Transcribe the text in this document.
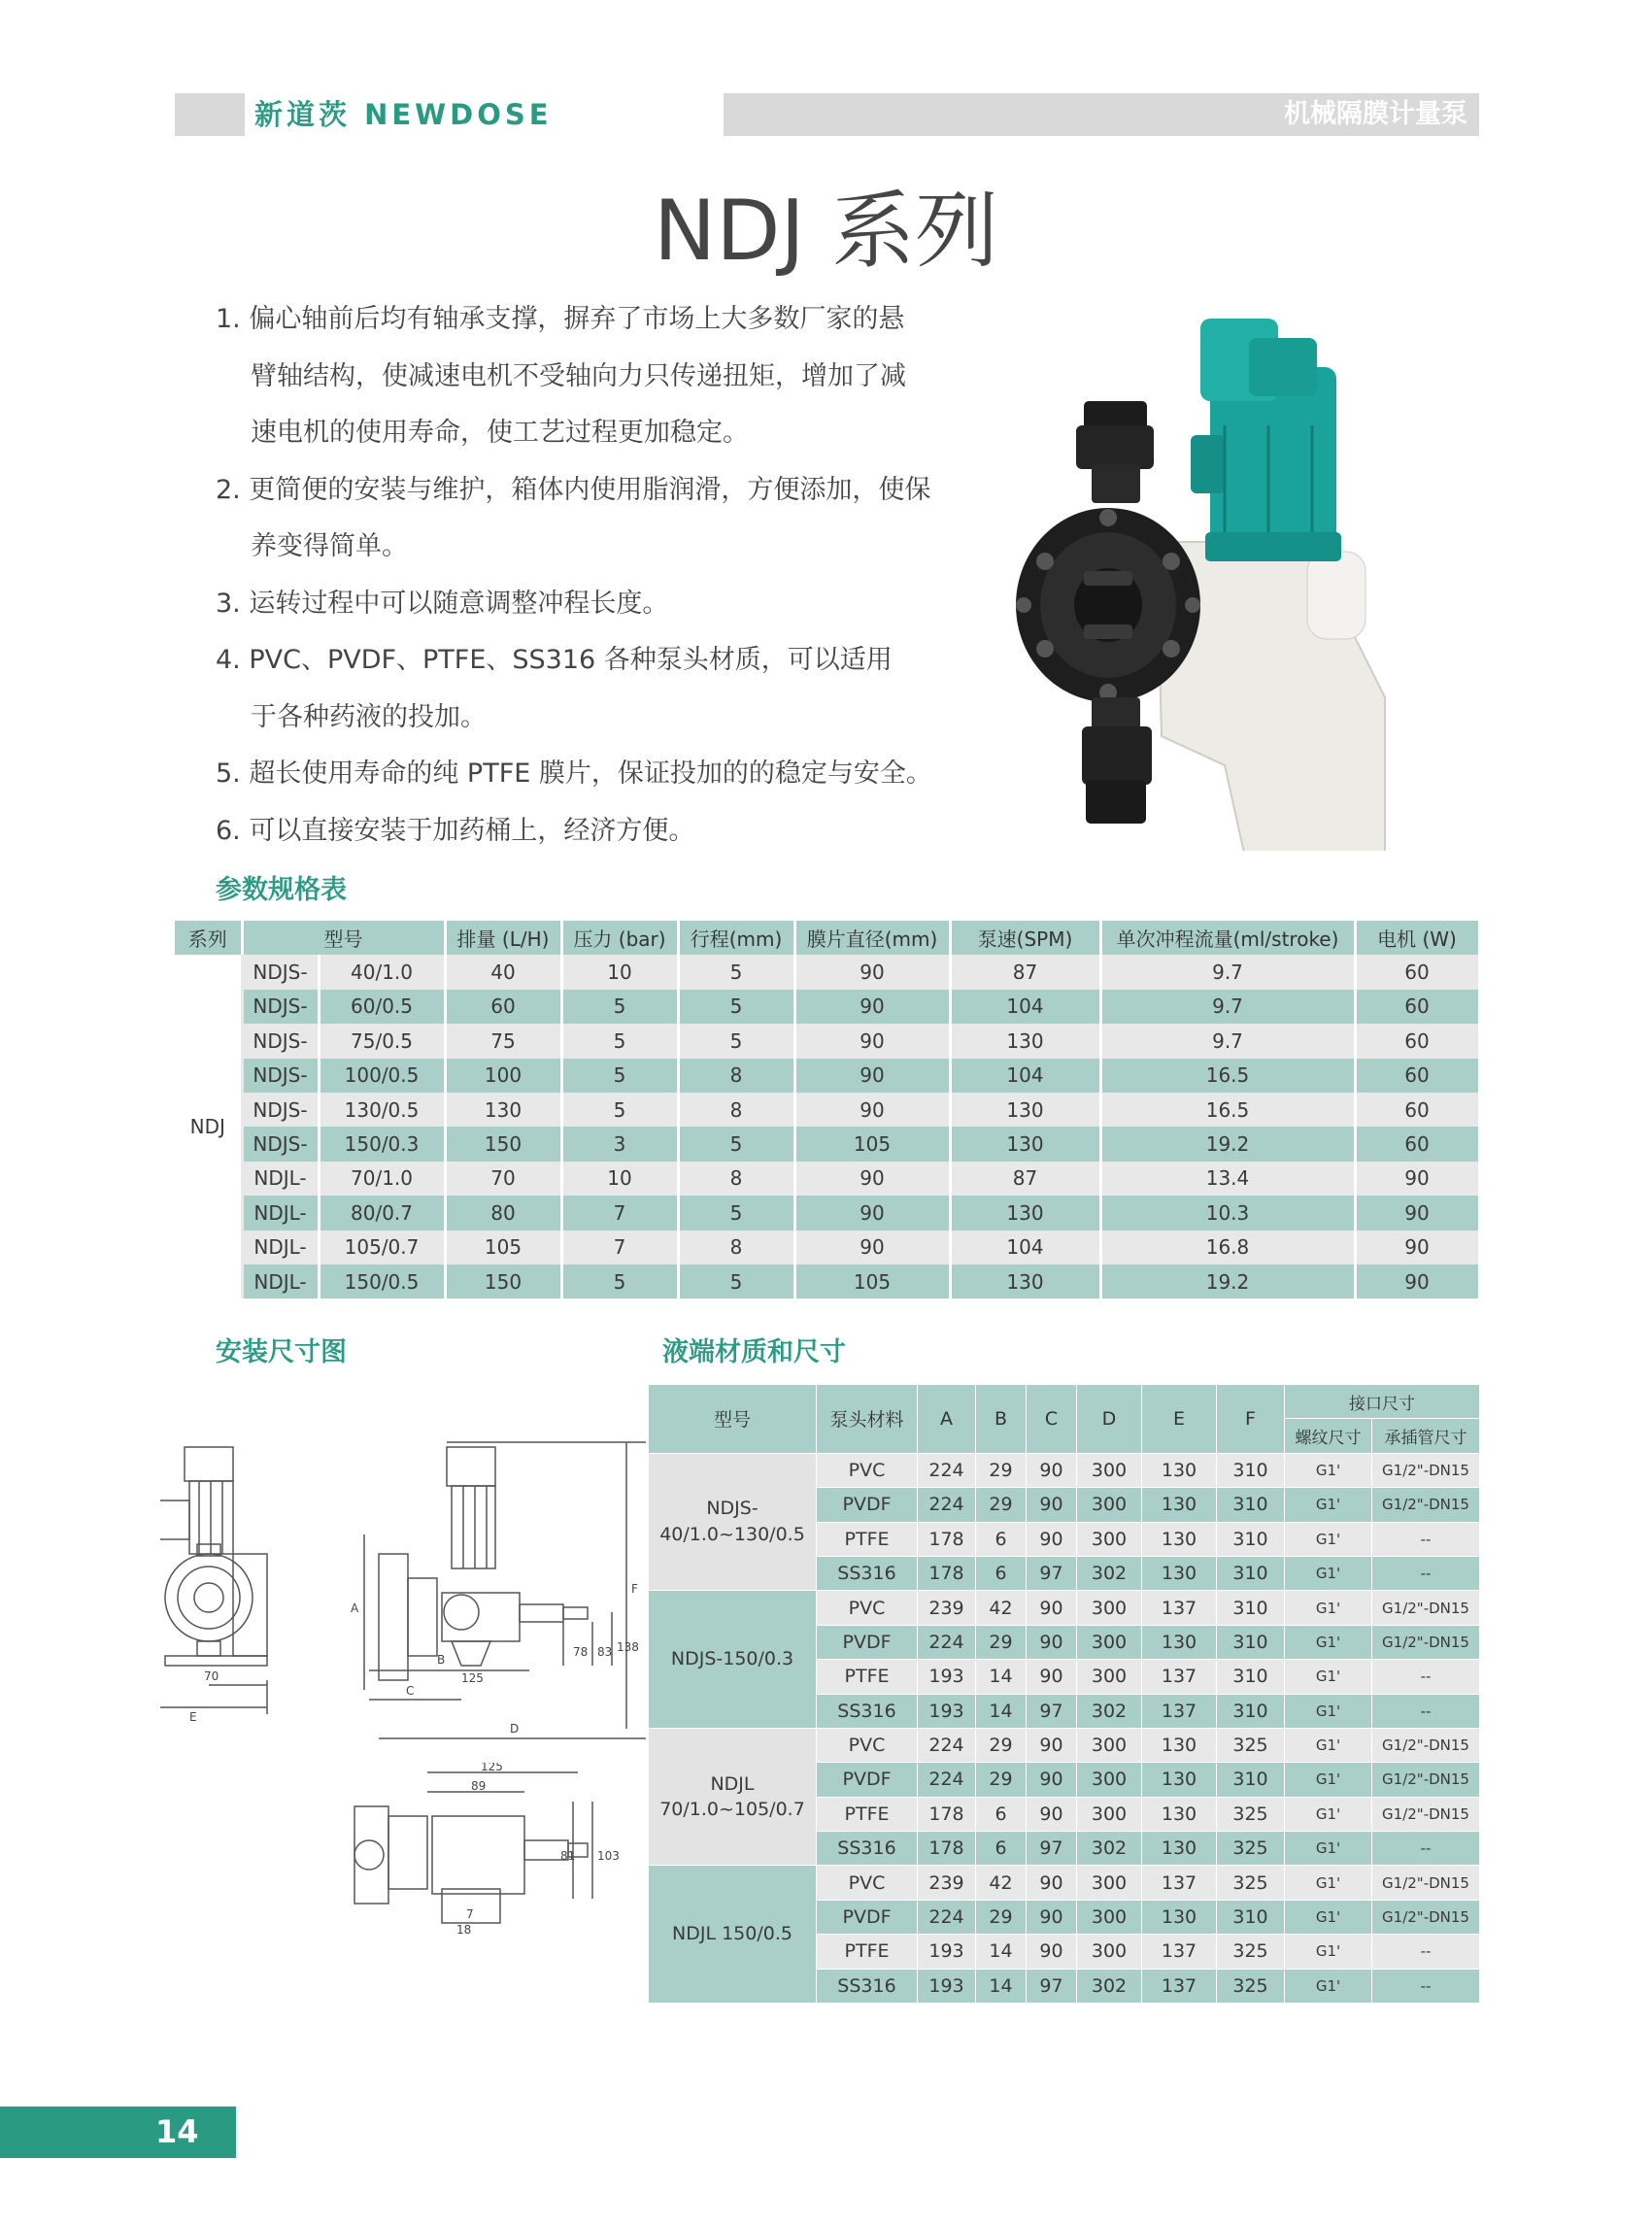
新道茨 NEWDOSE	机械隔膜计量泵
NDJ 系列
1. 偏心轴前后均有轴承支撑，摒弃了市场上大多数厂家的悬
臂轴结构，使减速电机不受轴向力只传递扭矩，增加了减
速电机的使用寿命，使工艺过程更加稳定。
2. 更简便的安装与维护，箱体内使用脂润滑，方便添加，使保
养变得简单。
3. 运转过程中可以随意调整冲程长度。
4. PVC、PVDF、PTFE、SS316 各种泵头材质，可以适用
于各种药液的投加。
5. 超长使用寿命的纯 PTFE 膜片，保证投加的的稳定与安全。
6. 可以直接安装于加药桶上，经济方便。
参数规格表
系列	型号		排量 (L/H)	压力 (bar)	行程(mm)	膜片直径(mm)	泵速(SPM)	单次冲程流量(ml/stroke)	电机 (W)
NDJ	NDJS-	40/1.0	40	10	5	90	87	9.7	60
	NDJS-	60/0.5	60	5	5	90	104	9.7	60
	NDJS-	75/0.5	75	5	5	90	130	9.7	60
	NDJS-	100/0.5	100	5	8	90	104	16.5	60
	NDJS-	130/0.5	130	5	8	90	130	16.5	60
	NDJS-	150/0.3	150	3	5	105	130	19.2	60
	NDJL-	70/1.0	70	10	8	90	87	13.4	90
	NDJL-	80/0.7	80	7	5	90	130	10.3	90
	NDJL-	105/0.7	105	7	8	90	104	16.8	90
	NDJL-	150/0.5	150	5	5	105	130	19.2	90
安装尺寸图
70
E
A
B
C
125
D
78 83 138
F
125
89
81 103
7
18
液端材质和尺寸
型号	泵头材料	A	B	C	D	E	F	接口尺寸	
								螺纹尺寸	承插管尺寸
NDJS-
40/1.0~130/0.5	PVC	224	29	90	300	130	310	G1'	G1/2"-DN15
	PVDF	224	29	90	300	130	310	G1'	G1/2"-DN15
	PTFE	178	6	90	300	130	310	G1'	--
	SS316	178	6	97	302	130	310	G1'	--
NDJS-150/0.3	PVC	239	42	90	300	137	310	G1'	G1/2"-DN15
	PVDF	224	29	90	300	130	310	G1'	G1/2"-DN15
	PTFE	193	14	90	300	137	310	G1'	--
	SS316	193	14	97	302	137	310	G1'	--
NDJL
70/1.0~105/0.7	PVC	224	29	90	300	130	325	G1'	G1/2"-DN15
	PVDF	224	29	90	300	130	310	G1'	G1/2"-DN15
	PTFE	178	6	90	300	130	325	G1'	G1/2"-DN15
	SS316	178	6	97	302	130	325	G1'	--
NDJL 150/0.5	PVC	239	42	90	300	137	325	G1'	G1/2"-DN15
	PVDF	224	29	90	300	130	310	G1'	G1/2"-DN15
	PTFE	193	14	90	300	137	325	G1'	--
	SS316	193	14	97	302	137	325	G1'	--
14
